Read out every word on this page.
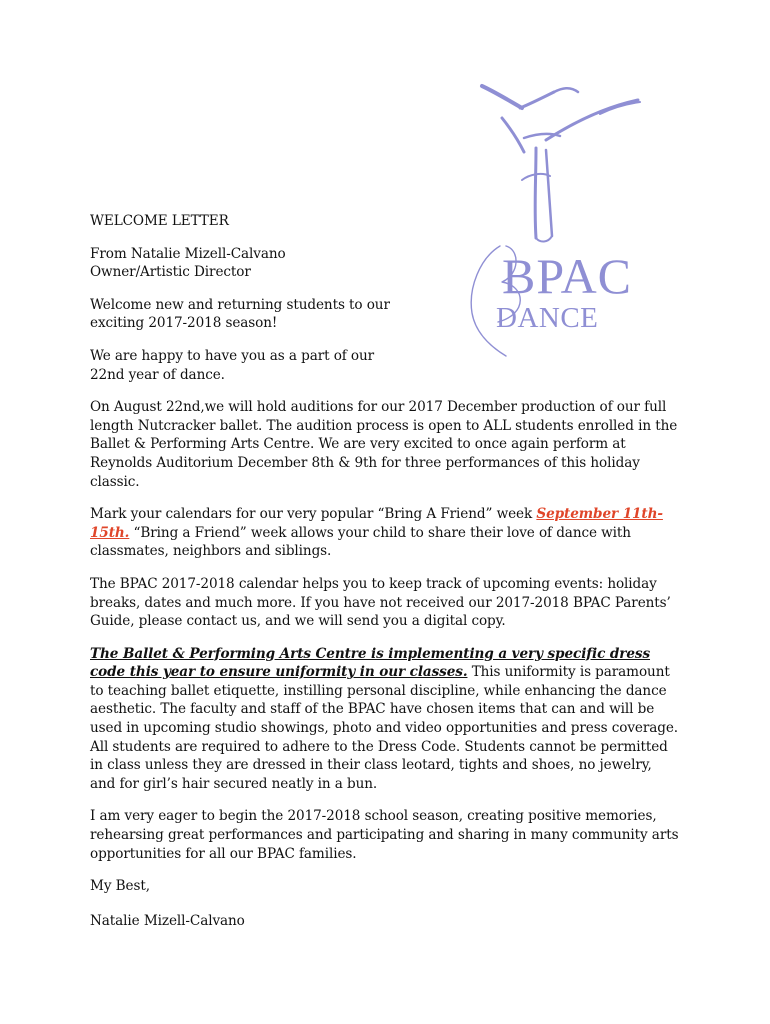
BPAC
DANCE

WELCOME LETTER

From Natalie Mizell-Calvano
Owner/Artistic Director

Welcome new and returning students to our exciting 2017-2018 season!

We are happy to have you as a part of our 22nd year of dance.

On August 22nd,we will hold auditions for our 2017 December production of our full length Nutcracker ballet. The audition process is open to ALL students enrolled in the Ballet & Performing Arts Centre. We are very excited to once again perform at Reynolds Auditorium December 8th & 9th for three performances of this holiday classic.

Mark your calendars for our very popular “Bring A Friend” week September 11th-15th. “Bring a Friend” week allows your child to share their love of dance with classmates, neighbors and siblings.

The BPAC 2017-2018 calendar helps you to keep track of upcoming events: holiday breaks, dates and much more. If you have not received our 2017-2018 BPAC Parents’ Guide, please contact us, and we will send you a digital copy.

The Ballet & Performing Arts Centre is implementing a very specific dress code this year to ensure uniformity in our classes. This uniformity is paramount to teaching ballet etiquette, instilling personal discipline, while enhancing the dance aesthetic. The faculty and staff of the BPAC have chosen items that can and will be used in upcoming studio showings, photo and video opportunities and press coverage. All students are required to adhere to the Dress Code. Students cannot be permitted in class unless they are dressed in their class leotard, tights and shoes, no jewelry, and for girl’s hair secured neatly in a bun.

I am very eager to begin the 2017-2018 school season, creating positive memories, rehearsing great performances and participating and sharing in many community arts opportunities for all our BPAC families.

My Best,

Natalie Mizell-Calvano
